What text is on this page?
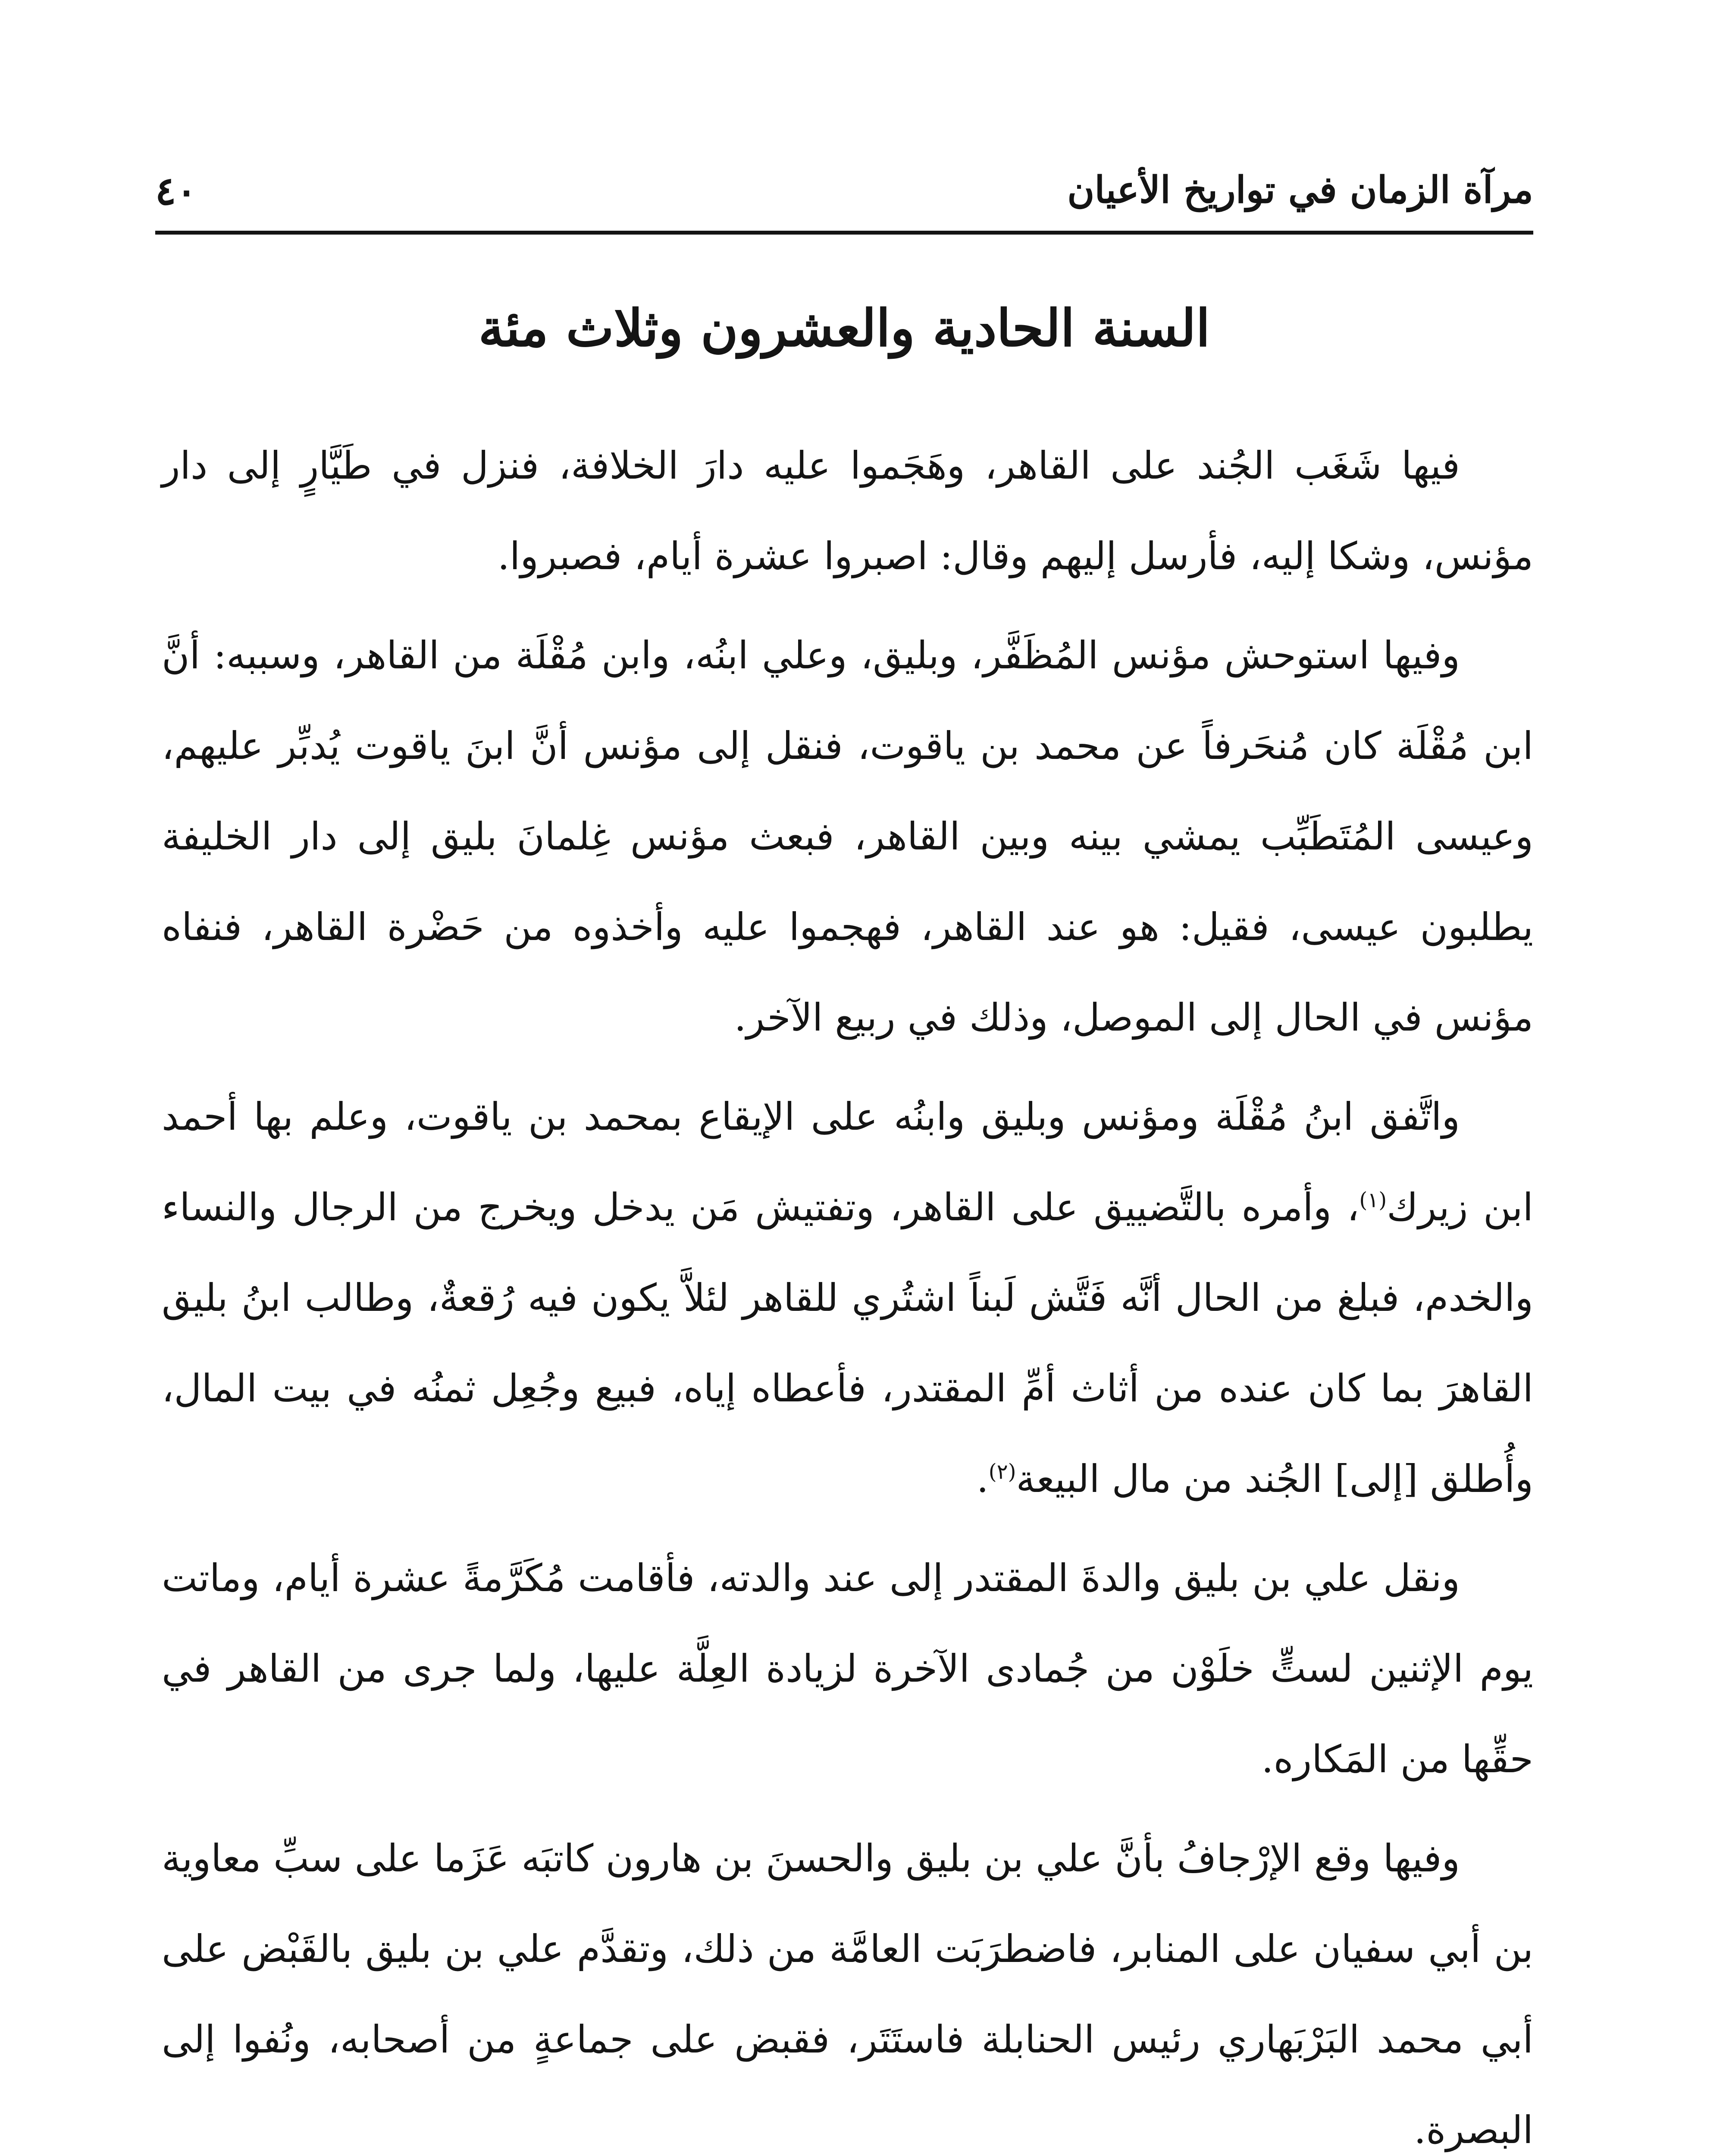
٤٠	مرآة الزمان في تواريخ الأعيان
السنة الحادية والعشرون وثلاث مئة

فيها شَغَب الجُند على القاهر، وهَجَموا عليه دارَ الخلافة، فنزل في طَيَّارٍ إلى دار مؤنس، وشكا إليه، فأرسل إليهم وقال: اصبروا عشرة أيام، فصبروا.

وفيها استوحش مؤنس المُظَفَّر، وبليق، وعلي ابنُه، وابن مُقْلَة من القاهر، وسببه: أنَّ ابن مُقْلَة كان مُنحَرفاً عن محمد بن ياقوت، فنقل إلى مؤنس أنَّ ابنَ ياقوت يُدبِّر عليهم، وعيسى المُتَطَبِّب يمشي بينه وبين القاهر، فبعث مؤنس غِلمانَ بليق إلى دار الخليفة يطلبون عيسى، فقيل: هو عند القاهر، فهجموا عليه وأخذوه من حَضْرة القاهر، فنفاه مؤنس في الحال إلى الموصل، وذلك في ربيع الآخر.

واتَّفق ابنُ مُقْلَة ومؤنس وبليق وابنُه على الإيقاع بمحمد بن ياقوت، وعلم بها أحمد ابن زيرك$^{(١)}$، وأمره بالتَّضييق على القاهر، وتفتيش مَن يدخل ويخرج من الرجال والنساء والخدم، فبلغ من الحال أنَّه فَتَّش لَبناً اشتُري للقاهر لئلاَّ يكون فيه رُقعةٌ، وطالب ابنُ بليق القاهرَ بما كان عنده من أثاث أمِّ المقتدر، فأعطاه إياه، فبيع وجُعِل ثمنُه في بيت المال، وأُطلق [إلى] الجُند من مال البيعة$^{(٢)}$.

ونقل علي بن بليق والدةَ المقتدر إلى عند والدته، فأقامت مُكَرَّمةً عشرة أيام، وماتت يوم الإثنين لستٍّ خلَوْن من جُمادى الآخرة لزيادة العِلَّة عليها، ولما جرى من القاهر في حقِّها من المَكاره.

وفيها وقع الإرْجافُ بأنَّ علي بن بليق والحسنَ بن هارون كاتبَه عَزَما على سبِّ معاوية بن أبي سفيان على المنابر، فاضطرَبَت العامَّة من ذلك، وتقدَّم علي بن بليق بالقَبْض على أبي محمد البَرْبَهاري رئيس الحنابلة فاستَتَر، فقبض على جماعةٍ من أصحابه، ونُفوا إلى البصرة.
